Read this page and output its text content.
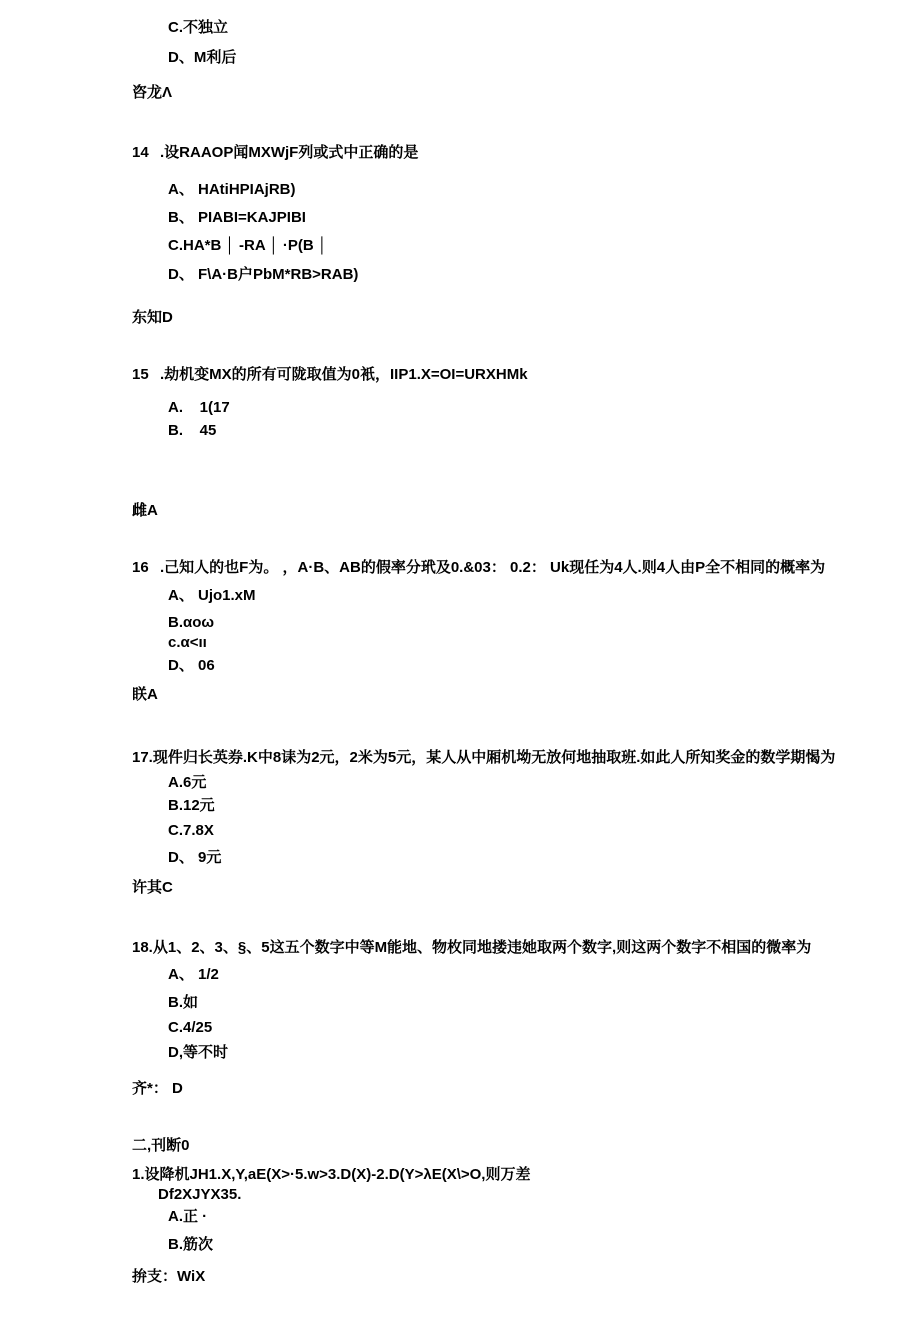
C.不独立
D、M利后
咨龙Λ
14 .设RAAOP闻MXWjF列或式中正确的是
A、 HAtiHPIAjRB)
B、 PIABI=KAJPIBI
C.HA*B │ -RA │ ·P(B │
D、 F\A·B户PbM*RB>RAB)
东知D
15 .劫机变MX的所有可陇取值为0衹，IIP1.X=OI=URXHMk
A.    1(17
B.    45
雌A
16 .己知人的也F为。 ，A·B、AB的假率分玳及0.&03： 0.2： Uk现任为4人.则4人由P全不相同的概率为
A、 Ujo1.xM
B.αoω
c.α<ıı
D、 06
眹A
17.现件归长英券.K中8诔为2元，2米为5元，某人从中厢机坳无放何地抽取班.如此人所知奖金的数学期愒为
A.6元
B.12元
C.7.8X
D、 9元
许其C
18.从1、2、3、§、5这五个数字中等M能地、物枚同地搂违她取两个数字,则这两个数字不相国的微率为
A、 1/2
B.如
C.4/25
D,等不时
齐*： D
二,刊断0
1.设降机JH1.X,Y,aE(X>·5.w>3.D(X)-2.D(Y>λE(X\>O,则万差
Df2XJYX35.
A.正 ·
B.筋次
拚支：WiX
